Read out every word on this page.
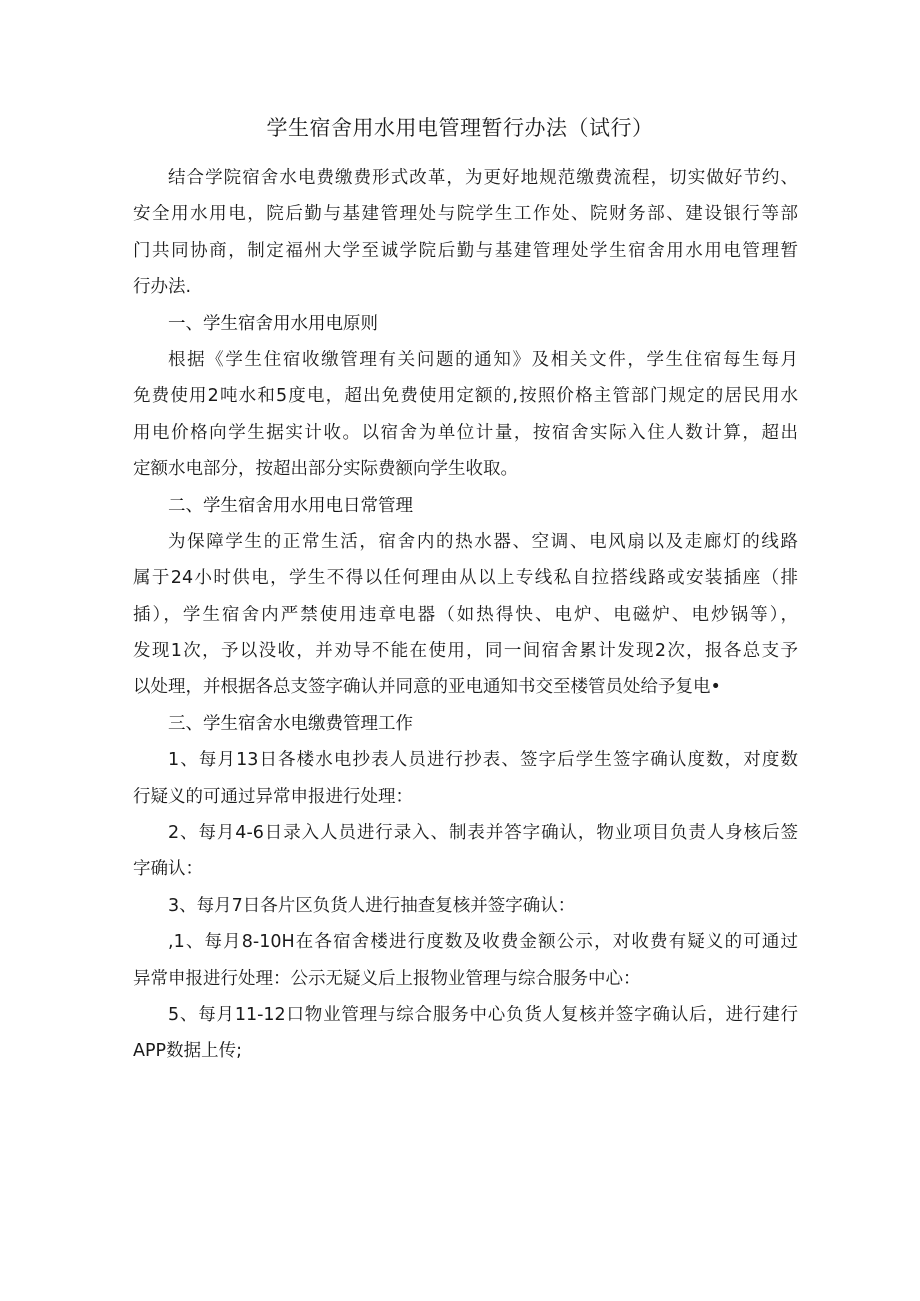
学生宿舍用水用电管理暂行办法（试行）
结合学院宿舍水电费缴费形式改革，为更好地规范缴费流程，切实做好节约、
安全用水用电，院后勤与基建管理处与院学生工作处、院财务部、建设银行等部
门共同协商，制定福州大学至诚学院后勤与基建管理处学生宿舍用水用电管理暂
行办法.
一、学生宿舍用水用电原则
根据《学生住宿收缴管理有关问题的通知》及相关文件，学生住宿每生每月
免费使用2吨水和5度电，超出免费使用定额的,按照价格主管部门规定的居民用水
用电价格向学生据实计收。以宿舍为单位计量，按宿舍实际入住人数计算，超出
定额水电部分，按超出部分实际费额向学生收取。
二、学生宿舍用水用电日常管理
为保障学生的正常生活，宿舍内的热水器、空调、电风扇以及走廊灯的线路
属于24小时供电，学生不得以任何理由从以上专线私自拉搭线路或安装插座（排
插），学生宿舍内严禁使用违章电器（如热得快、电炉、电磁炉、电炒锅等），
发现1次，予以没收，并劝导不能在使用，同一间宿舍累计发现2次，报各总支予
以处理，并根据各总支签字确认并同意的亚电通知书交至楼管员处给予复电•
三、学生宿舍水电缴费管理工作
1、每月13日各楼水电抄表人员进行抄表、签字后学生签字确认度数，对度数
行疑义的可通过异常申报进行处理：
2、每月4-6日录入人员进行录入、制表并答字确认，物业项目负责人身核后签
字确认：
3、每月7日各片区负货人进行抽查复核并签字确认：
,1、每月8-10H在各宿舍楼进行度数及收费金额公示，对收费有疑义的可通过
异常申报进行处理：公示无疑义后上报物业管理与综合服务中心：
5、每月11-12口物业管理与综合服务中心负货人复核并签字确认后，进行建行
APP数据上传;
